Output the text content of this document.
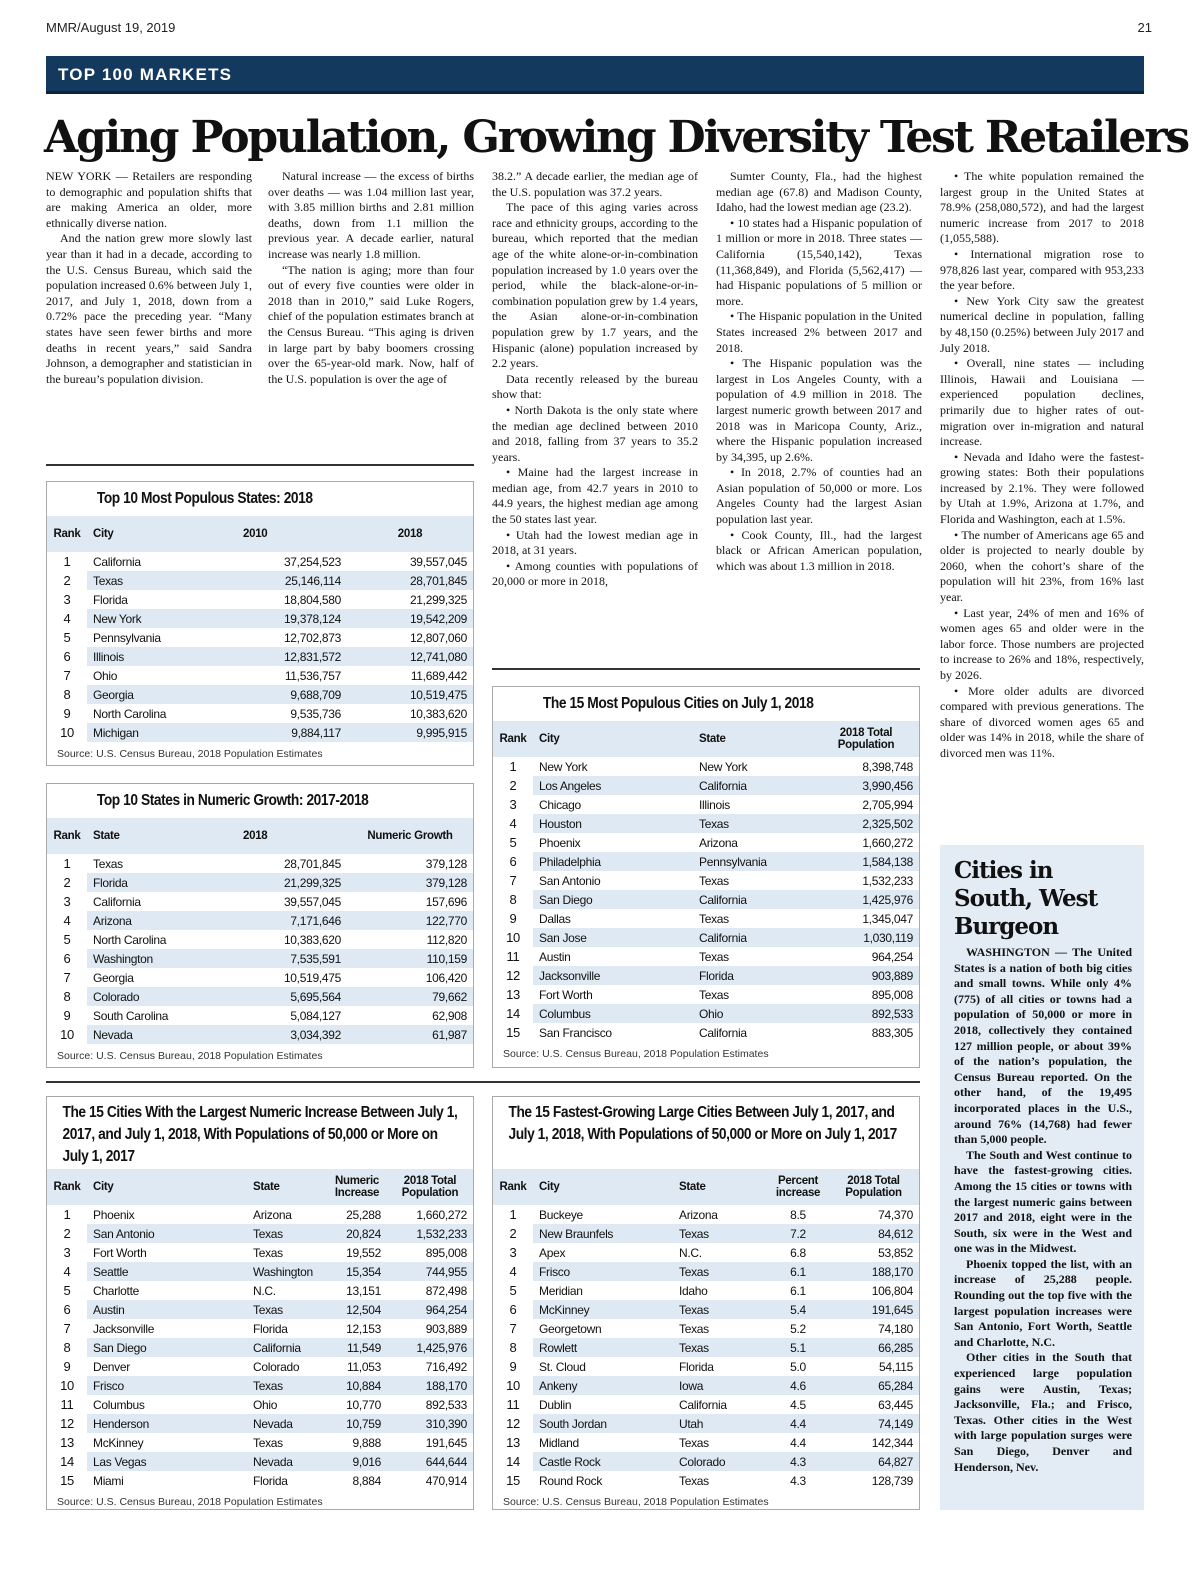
MMR/August 19, 2019	21
TOP 100 MARKETS
Aging Population, Growing Diversity Test Retailers

NEW YORK — Retailers are responding to demographic and population shifts that are making America an older, more ethnically diverse nation.

And the nation grew more slowly last year than it had in a decade, according to the U.S. Census Bureau, which said the population increased 0.6% between July 1, 2017, and July 1, 2018, down from a 0.72% pace the preceding year. “Many states have seen fewer births and more deaths in recent years,” said Sandra Johnson, a demographer and statistician in the bureau’s population division.

Natural increase — the excess of births over deaths — was 1.04 million last year, with 3.85 million births and 2.81 million deaths, down from 1.1 million the previous year. A decade earlier, natural increase was nearly 1.8 million.

“The nation is aging; more than four out of every five counties were older in 2018 than in 2010,” said Luke Rogers, chief of the population estimates branch at the Census Bureau. “This aging is driven in large part by baby boomers crossing over the 65-year-old mark. Now, half of the U.S. population is over the age of

38.2.” A decade earlier, the median age of the U.S. population was 37.2 years.

The pace of this aging varies across race and ethnicity groups, according to the bureau, which reported that the median age of the white alone-or-in-combination population increased by 1.0 years over the period, while the black-alone-or-in-combination population grew by 1.4 years, the Asian alone-or-in-combination population grew by 1.7 years, and the Hispanic (alone) population increased by 2.2 years.

Data recently released by the bureau show that:

• North Dakota is the only state where the median age declined between 2010 and 2018, falling from 37 years to 35.2 years.

• Maine had the largest increase in median age, from 42.7 years in 2010 to 44.9 years, the highest median age among the 50 states last year.

• Utah had the lowest median age in 2018, at 31 years.

• Among counties with populations of 20,000 or more in 2018,

Sumter County, Fla., had the highest median age (67.8) and Madison County, Idaho, had the lowest median age (23.2).

• 10 states had a Hispanic population of 1 million or more in 2018. Three states — California (15,540,142), Texas (11,368,849), and Florida (5,562,417) — had Hispanic populations of 5 million or more.

• The Hispanic population in the United States increased 2% between 2017 and 2018.

• The Hispanic population was the largest in Los Angeles County, with a population of 4.9 million in 2018. The largest numeric growth between 2017 and 2018 was in Maricopa County, Ariz., where the Hispanic population increased by 34,395, up 2.6%.

• In 2018, 2.7% of counties had an Asian population of 50,000 or more. Los Angeles County had the largest Asian population last year.

• Cook County, Ill., had the largest black or African American population, which was about 1.3 million in 2018.

• The white population remained the largest group in the United States at 78.9% (258,080,572), and had the largest numeric increase from 2017 to 2018 (1,055,588).

• International migration rose to 978,826 last year, compared with 953,233 the year before.

• New York City saw the greatest numerical decline in population, falling by 48,150 (0.25%) between July 2017 and July 2018.

• Overall, nine states — including Illinois, Hawaii and Louisiana — experienced population declines, primarily due to higher rates of out-migration over in-migration and natural increase.

• Nevada and Idaho were the fastest-growing states: Both their populations increased by 2.1%. They were followed by Utah at 1.9%, Arizona at 1.7%, and Florida and Washington, each at 1.5%.

• The number of Americans age 65 and older is projected to nearly double by 2060, when the cohort’s share of the population will hit 23%, from 16% last year.

• Last year, 24% of men and 16% of women ages 65 and older were in the labor force. Those numbers are projected to increase to 26% and 18%, respectively, by 2026.

• More older adults are divorced compared with previous generations. The share of divorced women ages 65 and older was 14% in 2018, while the share of divorced men was 11%.

Top 10 Most Populous States: 2018
Rank	City	2010	2018
1	California	37,254,523	39,557,045
2	Texas	25,146,114	28,701,845
3	Florida	18,804,580	21,299,325
4	New York	19,378,124	19,542,209
5	Pennsylvania	12,702,873	12,807,060
6	Illinois	12,831,572	12,741,080
7	Ohio	11,536,757	11,689,442
8	Georgia	9,688,709	10,519,475
9	North Carolina	9,535,736	10,383,620
10	Michigan	9,884,117	9,995,915
Source: U.S. Census Bureau, 2018 Population Estimates
Top 10 States in Numeric Growth: 2017-2018
Rank	State	2018	Numeric Growth
1	Texas	28,701,845	379,128
2	Florida	21,299,325	379,128
3	California	39,557,045	157,696
4	Arizona	7,171,646	122,770
5	North Carolina	10,383,620	112,820
6	Washington	7,535,591	110,159
7	Georgia	10,519,475	106,420
8	Colorado	5,695,564	79,662
9	South Carolina	5,084,127	62,908
10	Nevada	3,034,392	61,987
Source: U.S. Census Bureau, 2018 Population Estimates
The 15 Most Populous Cities on July 1, 2018
Rank	City	State	2018 Total Population
1	New York	New York	8,398,748
2	Los Angeles	California	3,990,456
3	Chicago	Illinois	2,705,994
4	Houston	Texas	2,325,502
5	Phoenix	Arizona	1,660,272
6	Philadelphia	Pennsylvania	1,584,138
7	San Antonio	Texas	1,532,233
8	San Diego	California	1,425,976
9	Dallas	Texas	1,345,047
10	San Jose	California	1,030,119
11	Austin	Texas	964,254
12	Jacksonville	Florida	903,889
13	Fort Worth	Texas	895,008
14	Columbus	Ohio	892,533
15	San Francisco	California	883,305
Source: U.S. Census Bureau, 2018 Population Estimates
The 15 Cities With the Largest Numeric Increase Between July 1, 2017, and July 1, 2018, With Populations of 50,000 or More on July 1, 2017
Rank	City	State	Numeric Increase	2018 Total Population
1	Phoenix	Arizona	25,288	1,660,272
2	San Antonio	Texas	20,824	1,532,233
3	Fort Worth	Texas	19,552	895,008
4	Seattle	Washington	15,354	744,955
5	Charlotte	N.C.	13,151	872,498
6	Austin	Texas	12,504	964,254
7	Jacksonville	Florida	12,153	903,889
8	San Diego	California	11,549	1,425,976
9	Denver	Colorado	11,053	716,492
10	Frisco	Texas	10,884	188,170
11	Columbus	Ohio	10,770	892,533
12	Henderson	Nevada	10,759	310,390
13	McKinney	Texas	9,888	191,645
14	Las Vegas	Nevada	9,016	644,644
15	Miami	Florida	8,884	470,914
Source: U.S. Census Bureau, 2018 Population Estimates
The 15 Fastest-Growing Large Cities Between July 1, 2017, and July 1, 2018, With Populations of 50,000 or More on July 1, 2017
Rank	City	State	Percent increase	2018 Total Population
1	Buckeye	Arizona	8.5	74,370
2	New Braunfels	Texas	7.2	84,612
3	Apex	N.C.	6.8	53,852
4	Frisco	Texas	6.1	188,170
5	Meridian	Idaho	6.1	106,804
6	McKinney	Texas	5.4	191,645
7	Georgetown	Texas	5.2	74,180
8	Rowlett	Texas	5.1	66,285
9	St. Cloud	Florida	5.0	54,115
10	Ankeny	Iowa	4.6	65,284
11	Dublin	California	4.5	63,445
12	South Jordan	Utah	4.4	74,149
13	Midland	Texas	4.4	142,344
14	Castle Rock	Colorado	4.3	64,827
15	Round Rock	Texas	4.3	128,739
Source: U.S. Census Bureau, 2018 Population Estimates
Cities in South, West Burgeon

WASHINGTON — The United States is a nation of both big cities and small towns. While only 4% (775) of all cities or towns had a population of 50,000 or more in 2018, collectively they contained 127 million people, or about 39% of the nation’s population, the Census Bureau reported. On the other hand, of the 19,495 incorporated places in the U.S., around 76% (14,768) had fewer than 5,000 people.

The South and West continue to have the fastest-growing cities. Among the 15 cities or towns with the largest numeric gains between 2017 and 2018, eight were in the South, six were in the West and one was in the Midwest.

Phoenix topped the list, with an increase of 25,288 people. Rounding out the top five with the largest population increases were San Antonio, Fort Worth, Seattle and Charlotte, N.C.

Other cities in the South that experienced large population gains were Austin, Texas; Jacksonville, Fla.; and Frisco, Texas. Other cities in the West with large population surges were San Diego, Denver and Henderson, Nev.
